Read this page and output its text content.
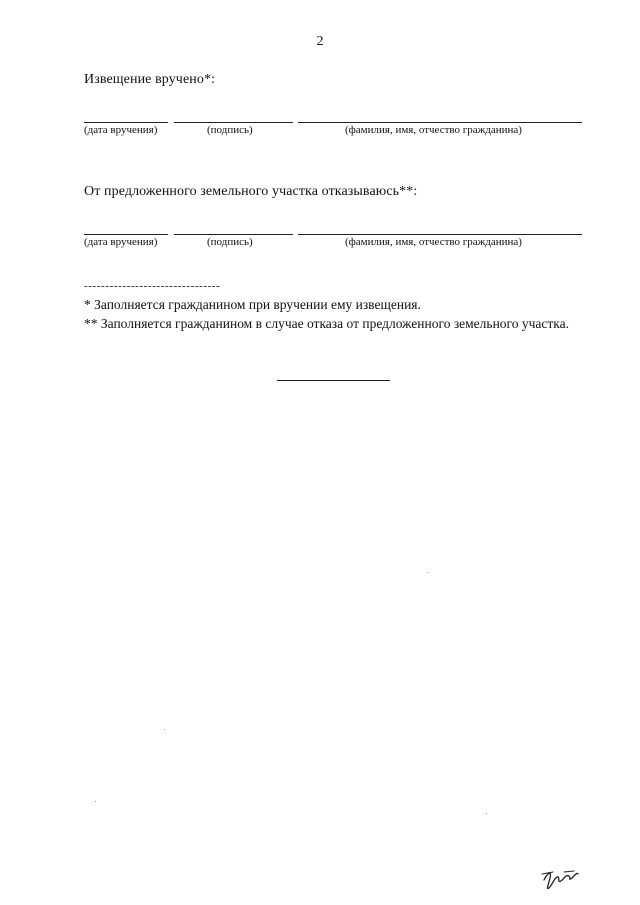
2
Извещение вручено*:
(дата вручения)	(подпись)	(фамилия, имя, отчество гражданина)
От предложенного земельного участка отказываюсь**:
(дата вручения)	(подпись)	(фамилия, имя, отчество гражданина)
--------------------------------
* Заполняется гражданином при вручении ему извещения.
** Заполняется гражданином в случае отказа от предложенного земельного участка.
